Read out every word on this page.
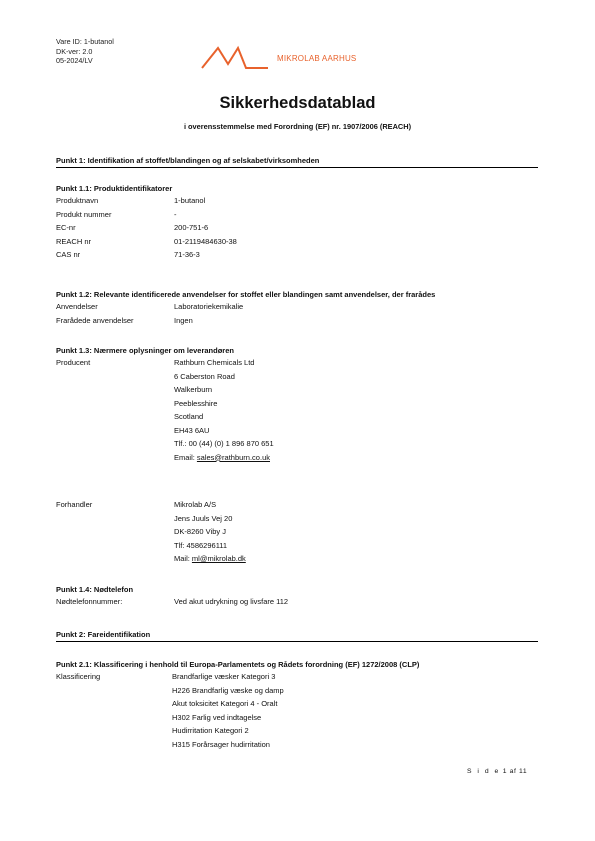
Vare ID: 1-butanol
DK-ver: 2.0
05-2024/LV	MIKROLAB AARHUS
Sikkerhedsdatablad
i overensstemmelse med Forordning (EF) nr. 1907/2006 (REACH)
Punkt 1: Identifikation af stoffet/blandingen og af selskabet/virksomheden
Punkt 1.1: Produktidentifikatorer
Produktnavn	1-butanol
Produkt nummer	-
EC-nr	200-751-6
REACH nr	01-2119484630-38
CAS nr	71-36-3
Punkt 1.2: Relevante identificerede anvendelser for stoffet eller blandingen samt anvendelser, der frarådes
Anvendelser	Laboratoriekemikalie
Frarådede anvendelser	Ingen
Punkt 1.3: Nærmere oplysninger om leverandøren
Producent	Rathburn Chemicals Ltd
6 Caberston Road
Walkerburn
Peeblesshire
Scotland
EH43 6AU
Tlf.: 00 (44) (0) 1 896 870 651
Email: sales@rathburn.co.uk
Forhandler	Mikrolab A/S
Jens Juuls Vej 20
DK-8260 Viby J
Tlf: 4586296111
Mail: ml@mikrolab.dk
Punkt 1.4: Nødtelefon
Nødtelefonnummer:	Ved akut udrykning og livsfare 112
Punkt 2: Fareidentifikation
Punkt 2.1: Klassificering i henhold til Europa-Parlamentets og Rådets forordning (EF) 1272/2008 (CLP)
Klassificering	Brandfarlige væsker Kategori 3
H226 Brandfarlig væske og damp
Akut toksicitet Kategori 4 - Oralt
H302 Farlig ved indtagelse
Hudirritation Kategori 2
H315 Forårsager hudirritation
S i d e 1 af 11
